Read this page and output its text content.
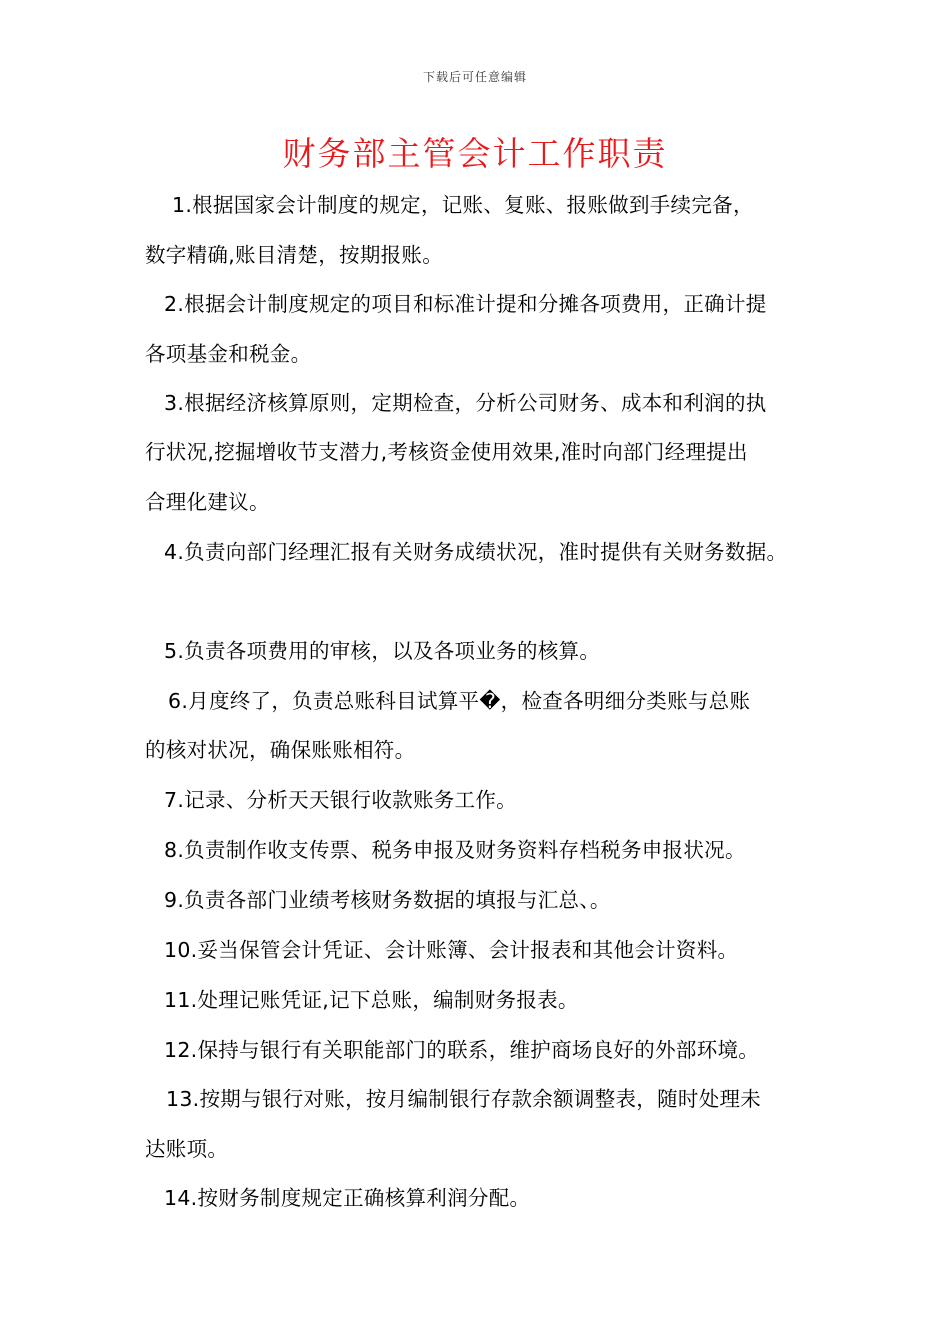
下载后可任意编辑
财务部主管会计工作职责
1.根据国家会计制度的规定，记账、复账、报账做到手续完备，
数字精确,账目清楚，按期报账。
2.根据会计制度规定的项目和标准计提和分摊各项费用，正确计提
各项基金和税金。
3.根据经济核算原则，定期检查，分析公司财务、成本和利润的执
行状况,挖掘增收节支潜力,考核资金使用效果,准时向部门经理提出
合理化建议。
4.负责向部门经理汇报有关财务成绩状况，准时提供有关财务数据。
5.负责各项费用的审核，以及各项业务的核算。
6.月度终了，负责总账科目试算平�，检查各明细分类账与总账
的核对状况，确保账账相符。
7.记录、分析天天银行收款账务工作。
8.负责制作收支传票、税务申报及财务资料存档税务申报状况。
9.负责各部门业绩考核财务数据的填报与汇总、。
10.妥当保管会计凭证、会计账簿、会计报表和其他会计资料。
11.处理记账凭证,记下总账，编制财务报表。
12.保持与银行有关职能部门的联系，维护商场良好的外部环境。
13.按期与银行对账，按月编制银行存款余额调整表，随时处理未
达账项。
14.按财务制度规定正确核算利润分配。
